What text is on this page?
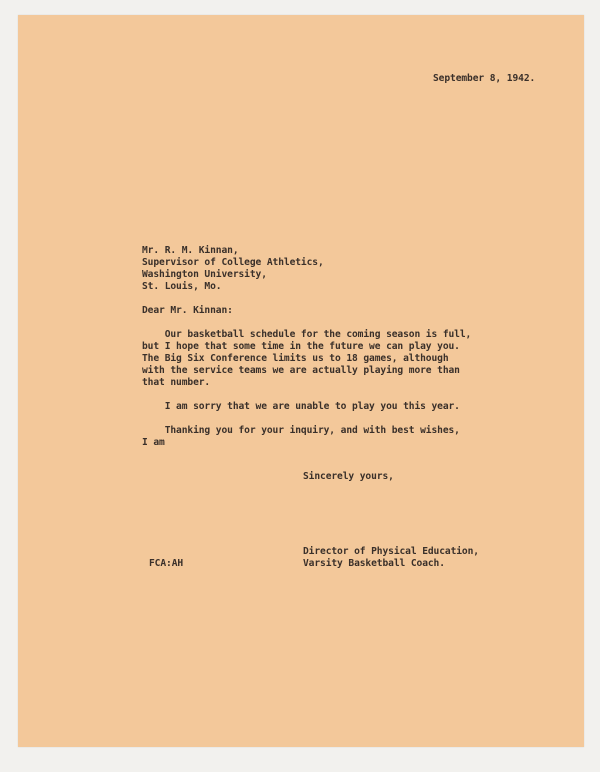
September 8, 1942.
Mr. R. M. Kinnan,
Supervisor of College Athletics,
Washington University,
St. Louis, Mo.
Dear Mr. Kinnan:
Our basketball schedule for the coming season is full,
but I hope that some time in the future we can play you.
The Big Six Conference limits us to 18 games, although
with the service teams we are actually playing more than
that number.
I am sorry that we are unable to play you this year.
Thanking you for your inquiry, and with best wishes,
I am
Sincerely yours,
Director of Physical Education,
Varsity Basketball Coach.
FCA:AH
